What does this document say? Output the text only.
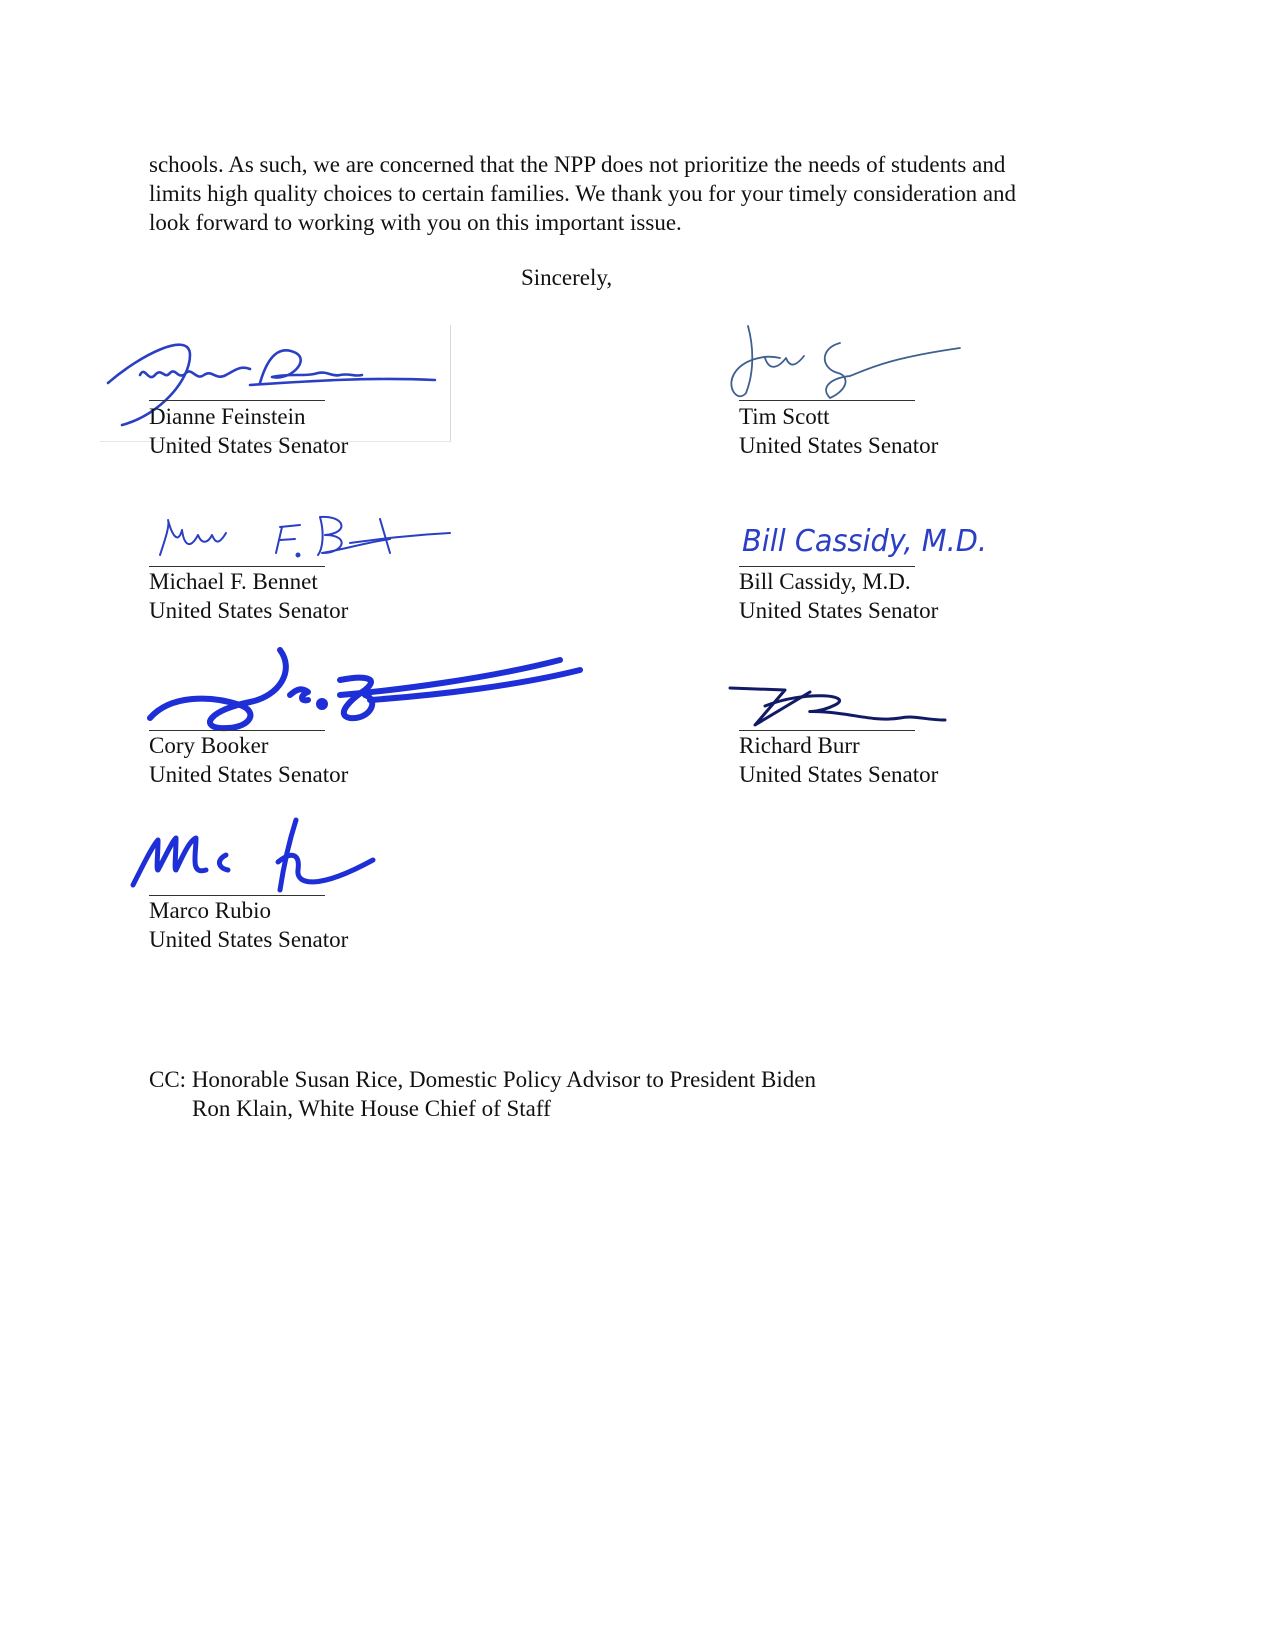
schools. As such, we are concerned that the NPP does not prioritize the needs of students and

limits high quality choices to certain families. We thank you for your timely consideration and

look forward to working with you on this important issue.

Sincerely,
Dianne Feinstein
United States Senator
Tim Scott
United States Senator
Michael F. Bennet
United States Senator
Bill Cassidy, M.D.
Bill Cassidy, M.D.
United States Senator
Cory Booker
United States Senator
Richard Burr
United States Senator
Marco Rubio
United States Senator
CC: Honorable Susan Rice, Domestic Policy Advisor to President Biden
Ron Klain, White House Chief of Staff
